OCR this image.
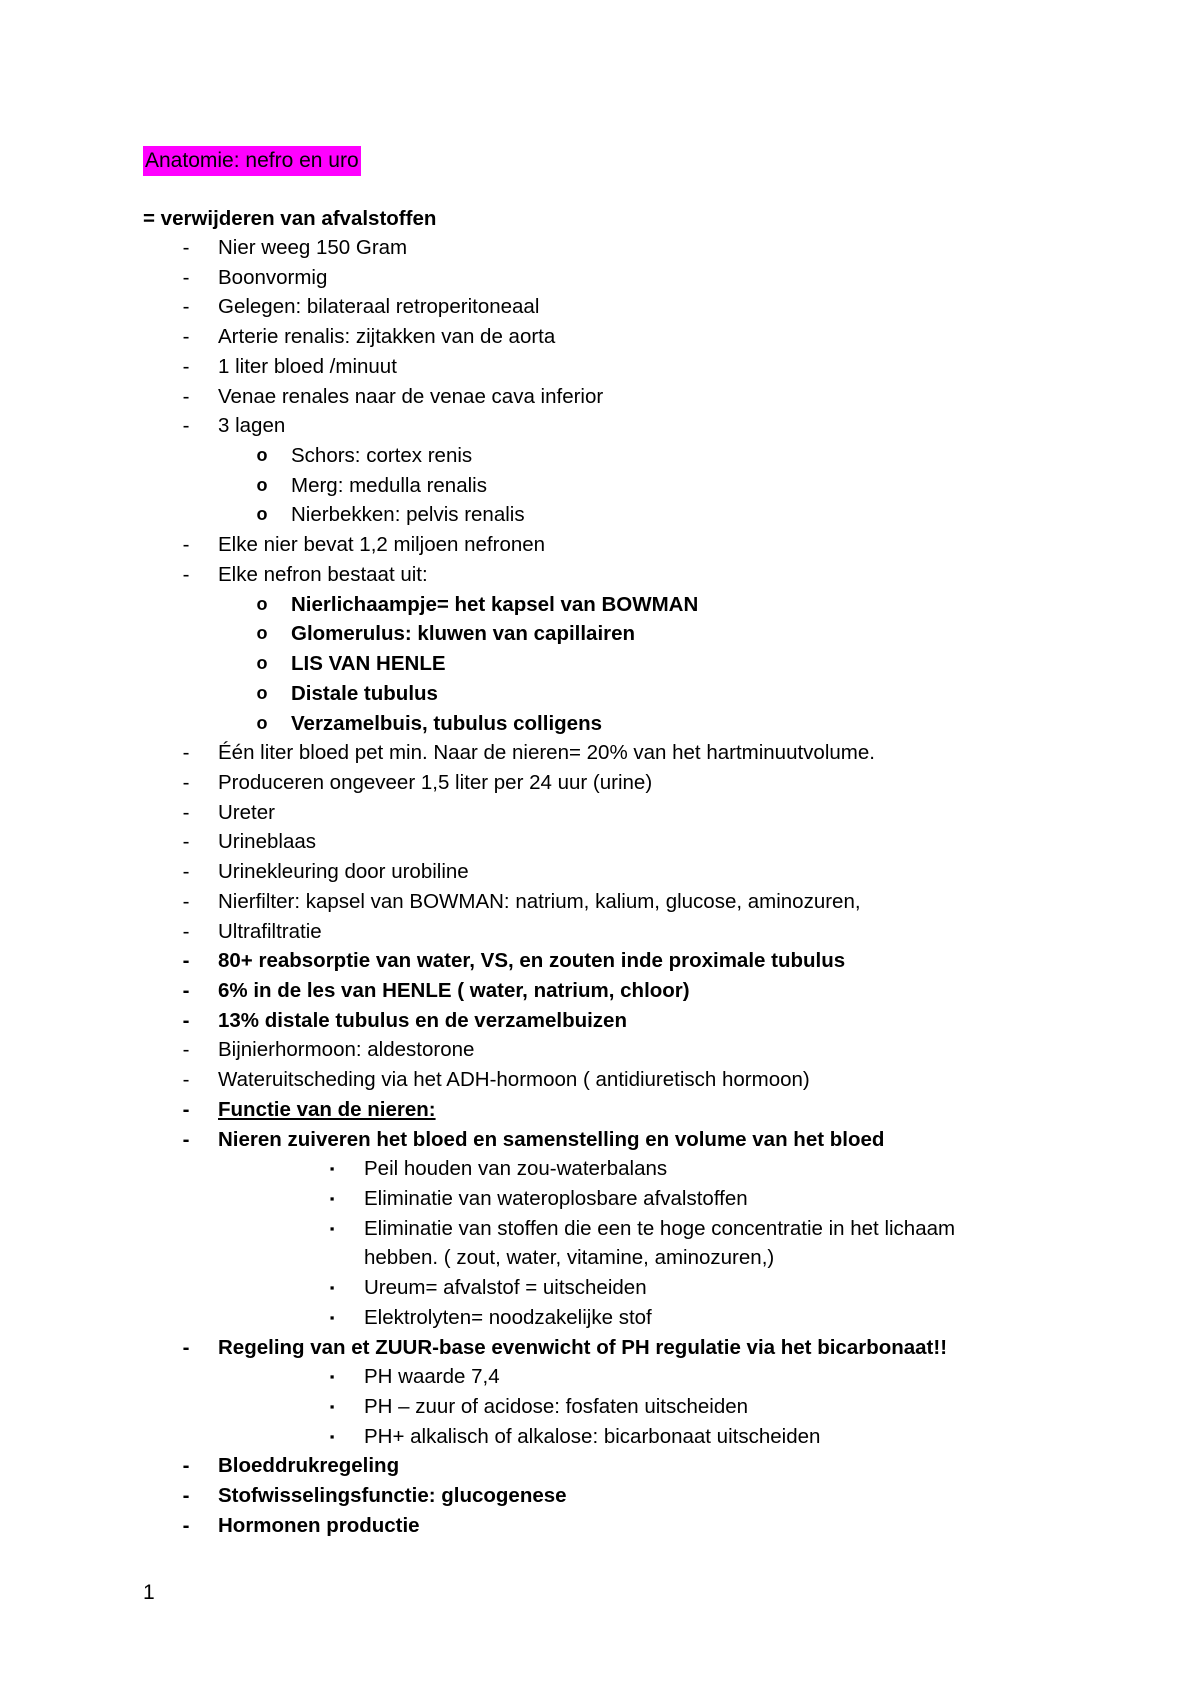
Anatomie: nefro en uro
= verwijderen van afvalstoffen
-	Nier weeg 150 Gram
-	Boonvormig
-	Gelegen: bilateraal retroperitoneaal
-	Arterie renalis: zijtakken van de aorta
-	1 liter bloed /minuut
-	Venae renales naar de venae cava inferior
-	3 lagen
o Schors: cortex renis
o Merg: medulla renalis
o Nierbekken: pelvis renalis
-	Elke nier bevat 1,2 miljoen nefronen
-	Elke nefron bestaat uit:
o Nierlichaampje= het kapsel van BOWMAN
o Glomerulus: kluwen van capillairen
o LIS VAN HENLE
o Distale tubulus
o Verzamelbuis, tubulus colligens
-	Één liter bloed pet min. Naar de nieren= 20% van het hartminuutvolume.
-	Produceren ongeveer 1,5 liter per 24 uur (urine)
-	Ureter
-	Urineblaas
-	Urinekleuring door urobiline
-	Nierfilter: kapsel van BOWMAN: natrium, kalium, glucose, aminozuren,
-	Ultrafiltratie
-	80+ reabsorptie van water, VS, en zouten inde proximale tubulus
-	6% in de les van HENLE ( water, natrium, chloor)
-	13% distale tubulus en de verzamelbuizen
-	Bijnierhormoon: aldestorone
-	Wateruitscheding via het ADH-hormoon ( antidiuretisch hormoon)
-	Functie van de nieren:
-	Nieren zuiveren het bloed en samenstelling en volume van het bloed
▪	Peil houden van zou-waterbalans
▪	Eliminatie van wateroplosbare afvalstoffen
▪	Eliminatie van stoffen die een te hoge concentratie in het lichaam hebben. ( zout, water, vitamine, aminozuren,)
▪	Ureum= afvalstof = uitscheiden
▪	Elektrolyten= noodzakelijke stof
-	Regeling van et ZUUR-base evenwicht of PH regulatie via het bicarbonaat!!
▪	PH waarde 7,4
▪	PH – zuur of acidose: fosfaten uitscheiden
▪	PH+ alkalisch of alkalose: bicarbonaat uitscheiden
-	Bloeddrukregeling
-	Stofwisselingsfunctie: glucogenese
-	Hormonen productie
1
